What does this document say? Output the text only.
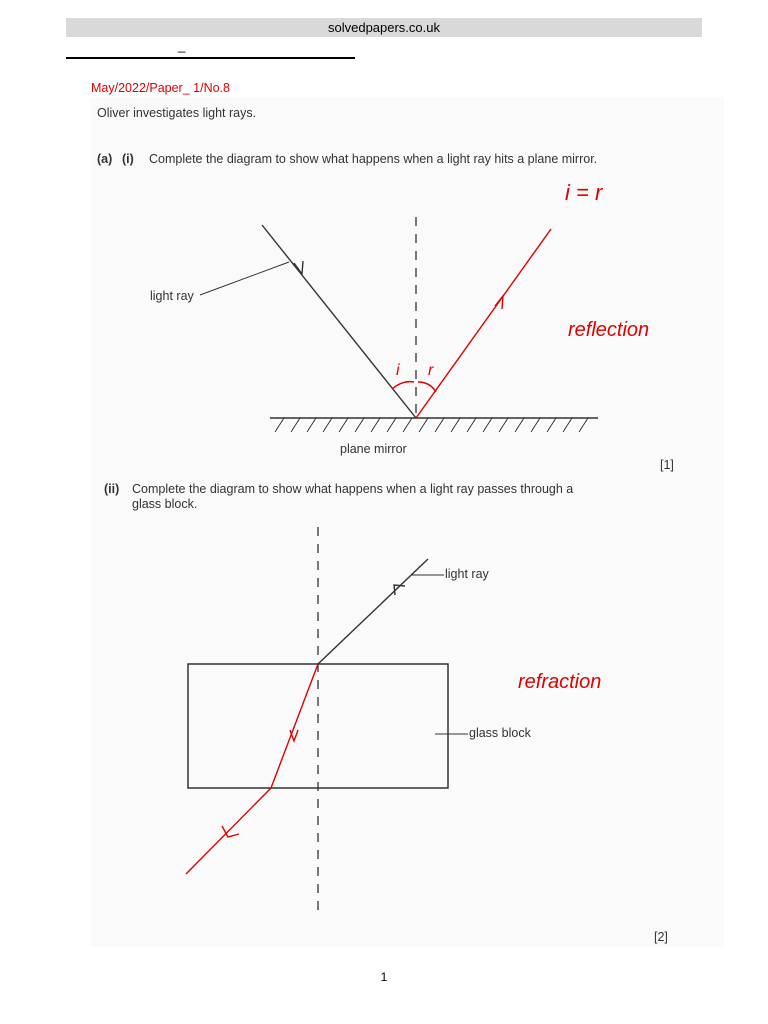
solvedpapers.co.uk
_
May/2022/Paper_ 1/No.8
Oliver investigates light rays.
(a) (i) Complete the diagram to show what happens when a light ray hits a plane mirror.
light ray
plane mirror
[1]
(ii) Complete the diagram to show what happens when a light ray passes through a
glass block.
light ray
glass block
[2]
i r
i = r
reflection
refraction
1
